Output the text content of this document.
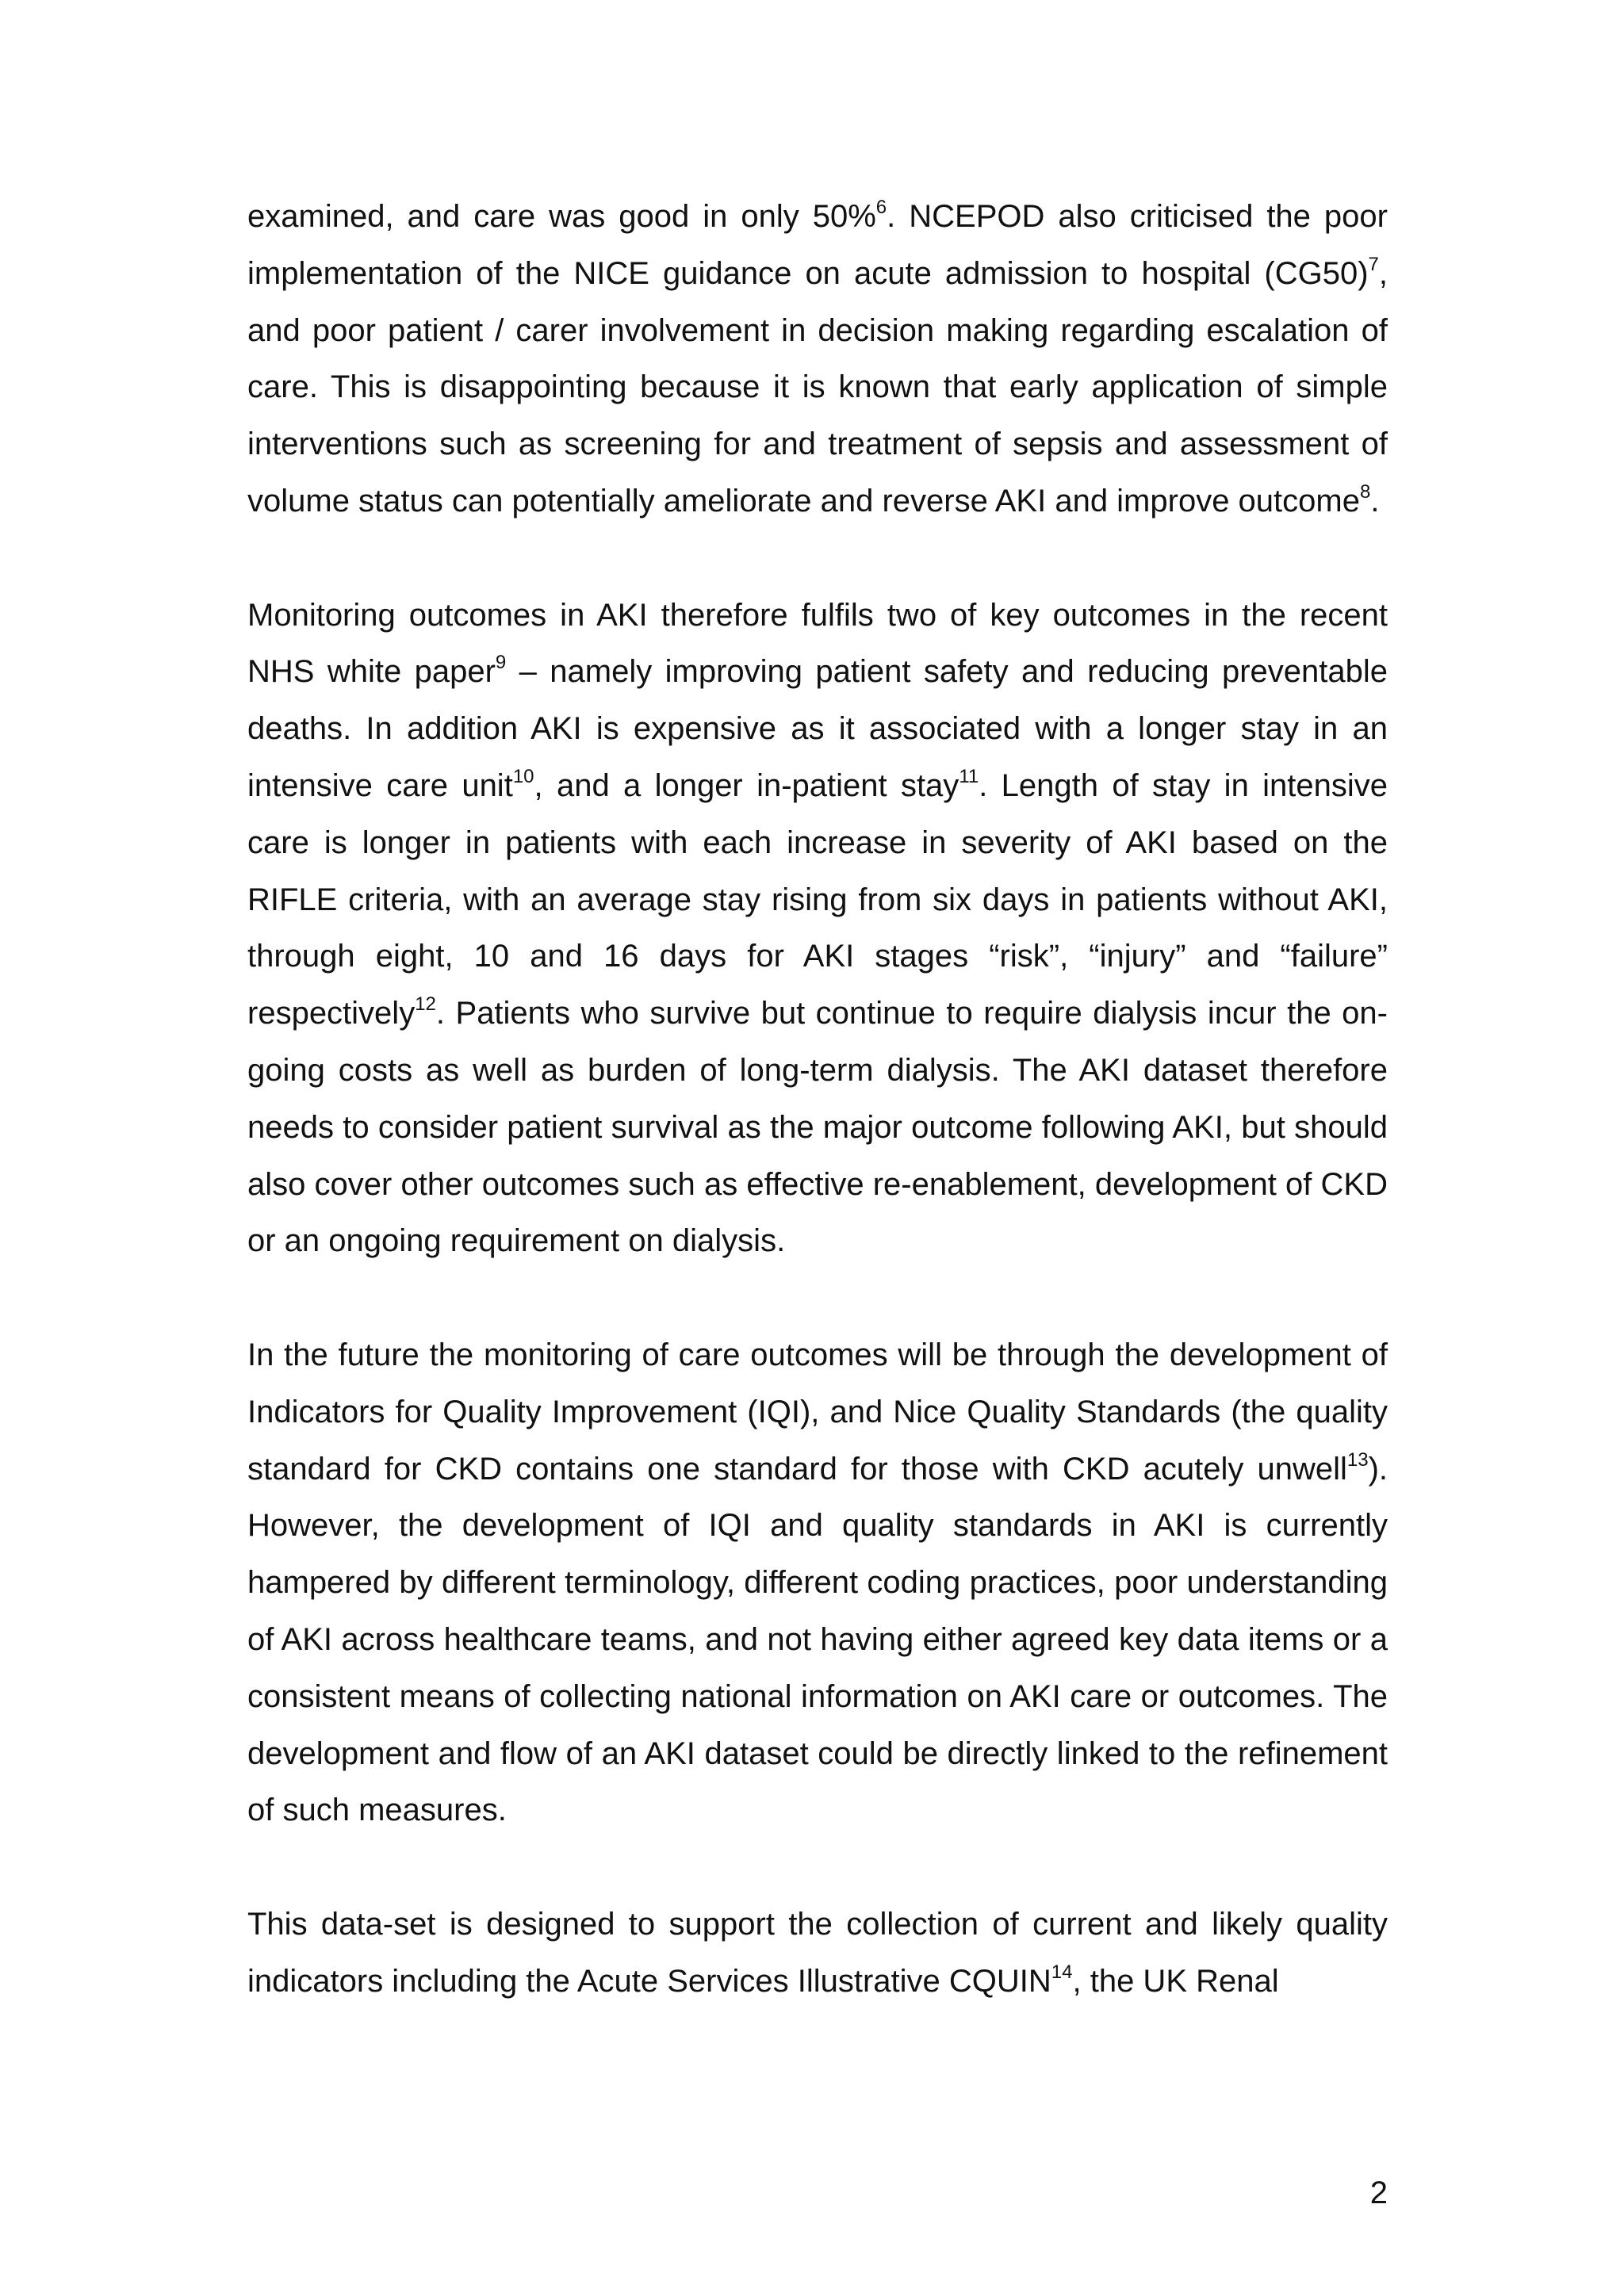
examined, and care was good in only 50%$^6$. NCEPOD also criticised the poor implementation of the NICE guidance on acute admission to hospital $(CG50)^7$, and poor patient / carer involvement in decision making regarding escalation of care. This is disappointing because it is known that early application of simple interventions such as screening for and treatment of sepsis and assessment of volume status can potentially ameliorate and reverse AKI and improve outcome$^8$.

Monitoring outcomes in AKI therefore fulfils two of key outcomes in the recent NHS white paper$^9$ – namely improving patient safety and reducing preventable deaths. In addition AKI is expensive as it associated with a longer stay in an intensive care unit$^{10}$, and a longer in-patient stay$^{11}$. Length of stay in intensive care is longer in patients with each increase in severity of AKI based on the RIFLE criteria, with an average stay rising from six days in patients without AKI, through eight, 10 and 16 days for AKI stages “risk”, “injury” and “failure” respectively$^{12}$. Patients who survive but continue to require dialysis incur the on-going costs as well as burden of long-term dialysis. The AKI dataset therefore needs to consider patient survival as the major outcome following AKI, but should also cover other outcomes such as effective re-enablement, development of CKD or an ongoing requirement on dialysis.

In the future the monitoring of care outcomes will be through the development of Indicators for Quality Improvement (IQI), and Nice Quality Standards (the quality standard for CKD contains one standard for those with CKD acutely unwell$^{13}$). However, the development of IQI and quality standards in AKI is currently hampered by different terminology, different coding practices, poor understanding of AKI across healthcare teams, and not having either agreed key data items or a consistent means of collecting national information on AKI care or outcomes. The development and flow of an AKI dataset could be directly linked to the refinement of such measures.

This data-set is designed to support the collection of current and likely quality indicators including the Acute Services Illustrative CQUIN$^{14}$, the UK Renal

2
